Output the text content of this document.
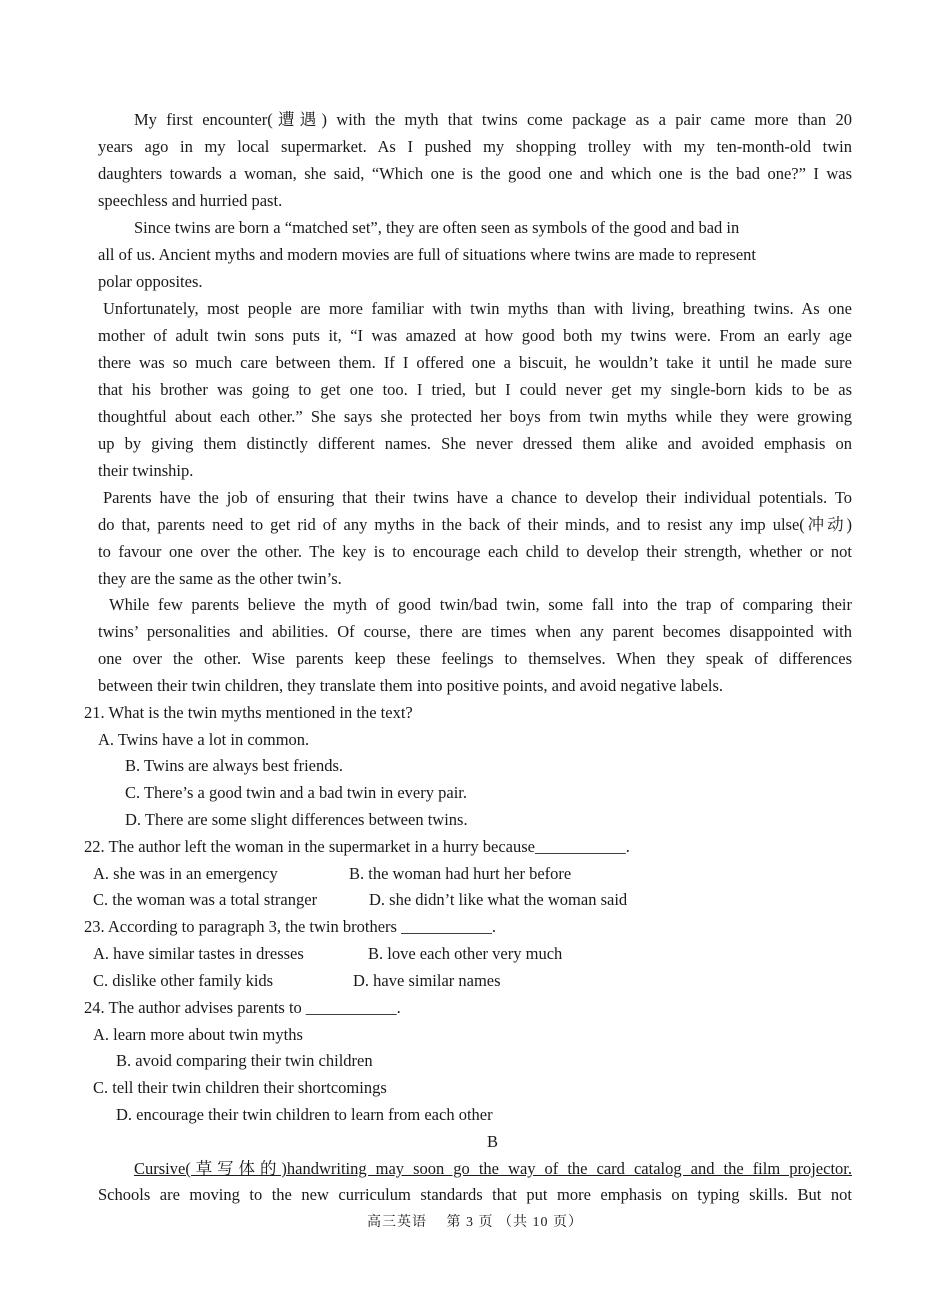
My first encounter(遭遇) with the myth that twins come package as a pair came more than 20
years ago in my local supermarket. As I pushed my shopping trolley with my ten-month-old twin
daughters towards a woman, she said, “Which one is the good one and which one is the bad one?” I was
speechless and hurried past.
Since twins are born a “matched set”, they are often seen as symbols of the good and bad in
all of us. Ancient myths and modern movies are full of situations where twins are made to represent
polar opposites.
Unfortunately, most people are more familiar with twin myths than with living, breathing twins. As one
mother of adult twin sons puts it, “I was amazed at how good both my twins were. From an early age
there was so much care between them. If I offered one a biscuit, he wouldn’t take it until he made sure
that his brother was going to get one too. I tried, but I could never get my single-born kids to be as
thoughtful about each other.” She says she protected her boys from twin myths while they were growing
up by giving them distinctly different names. She never dressed them alike and avoided emphasis on
their twinship.
Parents have the job of ensuring that their twins have a chance to develop their individual potentials. To
do that, parents need to get rid of any myths in the back of their minds, and to resist any imp ulse(冲动)
to favour one over the other. The key is to encourage each child to develop their strength, whether or not
they are the same as the other twin’s.
While few parents believe the myth of good twin/bad twin, some fall into the trap of comparing their
twins’ personalities and abilities. Of course, there are times when any parent becomes disappointed with
one over the other. Wise parents keep these feelings to themselves. When they speak of differences
between their twin children, they translate them into positive points, and avoid negative labels.
21. What is the twin myths mentioned in the text?
A. Twins have a lot in common.
B. Twins are always best friends.
C. There’s a good twin and a bad twin in every pair.
D. There are some slight differences between twins.
22. The author left the woman in the supermarket in a hurry because___________.
A. she was in an emergency	B. the woman had hurt her before
C. the woman was a total stranger	D. she didn’t like what the woman said
23. According to paragraph 3, the twin brothers ___________.
A. have similar tastes in dresses	B. love each other very much
C. dislike other family kids	D. have similar names
24. The author advises parents to ___________.
A. learn more about twin myths
B. avoid comparing their twin children
C. tell their twin children their shortcomings
D. encourage their twin children to learn from each other
B
Cursive(草写体的)handwriting may soon go the way of the card catalog and the film projector.
Schools are moving to the new curriculum standards that put more emphasis on typing skills. But not
高三英语　 第 3 页 （共 10 页）
